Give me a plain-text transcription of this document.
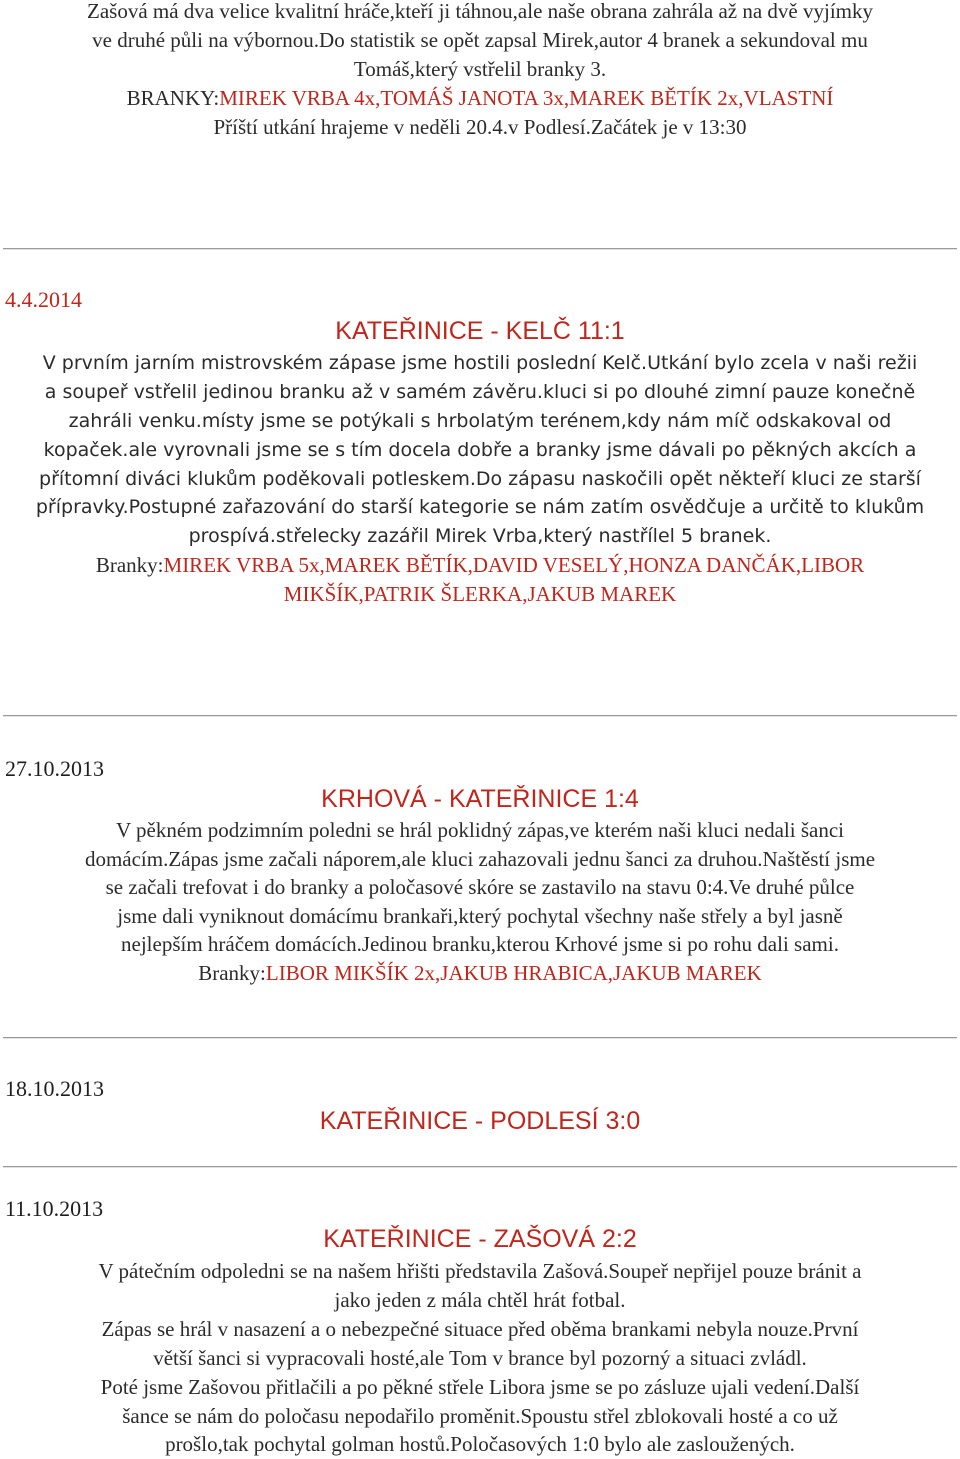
Zašová má dva velice kvalitní hráče,kteří ji táhnou,ale naše obrana zahrála až na dvě vyjímky
ve druhé půli na výbornou.Do statistik se opět zapsal Mirek,autor 4 branek a sekundoval mu
Tomáš,který vstřelil branky 3.
BRANKY:MIREK VRBA 4x,TOMÁŠ JANOTA 3x,MAREK BĚTÍK 2x,VLASTNÍ
Příští utkání hrajeme v neděli 20.4.v Podlesí.Začátek je v 13:30
4.4.2014
KATEŘINICE - KELČ 11:1
V prvním jarním mistrovském zápase jsme hostili poslední Kelč.Utkání bylo zcela v naši režii
a soupeř vstřelil jedinou branku až v samém závěru.kluci si po dlouhé zimní pauze konečně
zahráli venku.místy jsme se potýkali s hrbolatým terénem,kdy nám míč odskakoval od
kopaček.ale vyrovnali jsme se s tím docela dobře a branky jsme dávali po pěkných akcích a
přítomní diváci klukům poděkovali potleskem.Do zápasu naskočili opět někteří kluci ze starší
přípravky.Postupné zařazování do starší kategorie se nám zatím osvědčuje a určitě to klukům
prospívá.střelecky zazářil Mirek Vrba,který nastřílel 5 branek.
Branky:MIREK VRBA 5x,MAREK BĚTÍK,DAVID VESELÝ,HONZA DANČÁK,LIBOR
MIKŠÍK,PATRIK ŠLERKA,JAKUB MAREK
27.10.2013
KRHOVÁ - KATEŘINICE 1:4
V pěkném podzimním poledni se hrál poklidný zápas,ve kterém naši kluci nedali šanci
domácím.Zápas jsme začali náporem,ale kluci zahazovali jednu šanci za druhou.Naštěstí jsme
se začali trefovat i do branky a poločasové skóre se zastavilo na stavu 0:4.Ve druhé půlce
jsme dali vyniknout domácímu brankaři,který pochytal všechny naše střely a byl jasně
nejlepším hráčem domácích.Jedinou branku,kterou Krhové jsme si po rohu dali sami.
Branky:LIBOR MIKŠÍK 2x,JAKUB HRABICA,JAKUB MAREK
18.10.2013
KATEŘINICE - PODLESÍ 3:0
11.10.2013
KATEŘINICE - ZAŠOVÁ 2:2
V pátečním odpoledni se na našem hřišti představila Zašová.Soupeř nepřijel pouze bránit a
jako jeden z mála chtěl hrát fotbal.
Zápas se hrál v nasazení a o nebezpečné situace před oběma brankami nebyla nouze.První
větší šanci si vypracovali hosté,ale Tom v brance byl pozorný a situaci zvládl.
Poté jsme Zašovou přitlačili a po pěkné střele Libora jsme se po zásluze ujali vedení.Další
šance se nám do poločasu nepodařilo proměnit.Spoustu střel zblokovali hosté a co už
prošlo,tak pochytal golman hostů.Poločasových 1:0 bylo ale zasloužených.
